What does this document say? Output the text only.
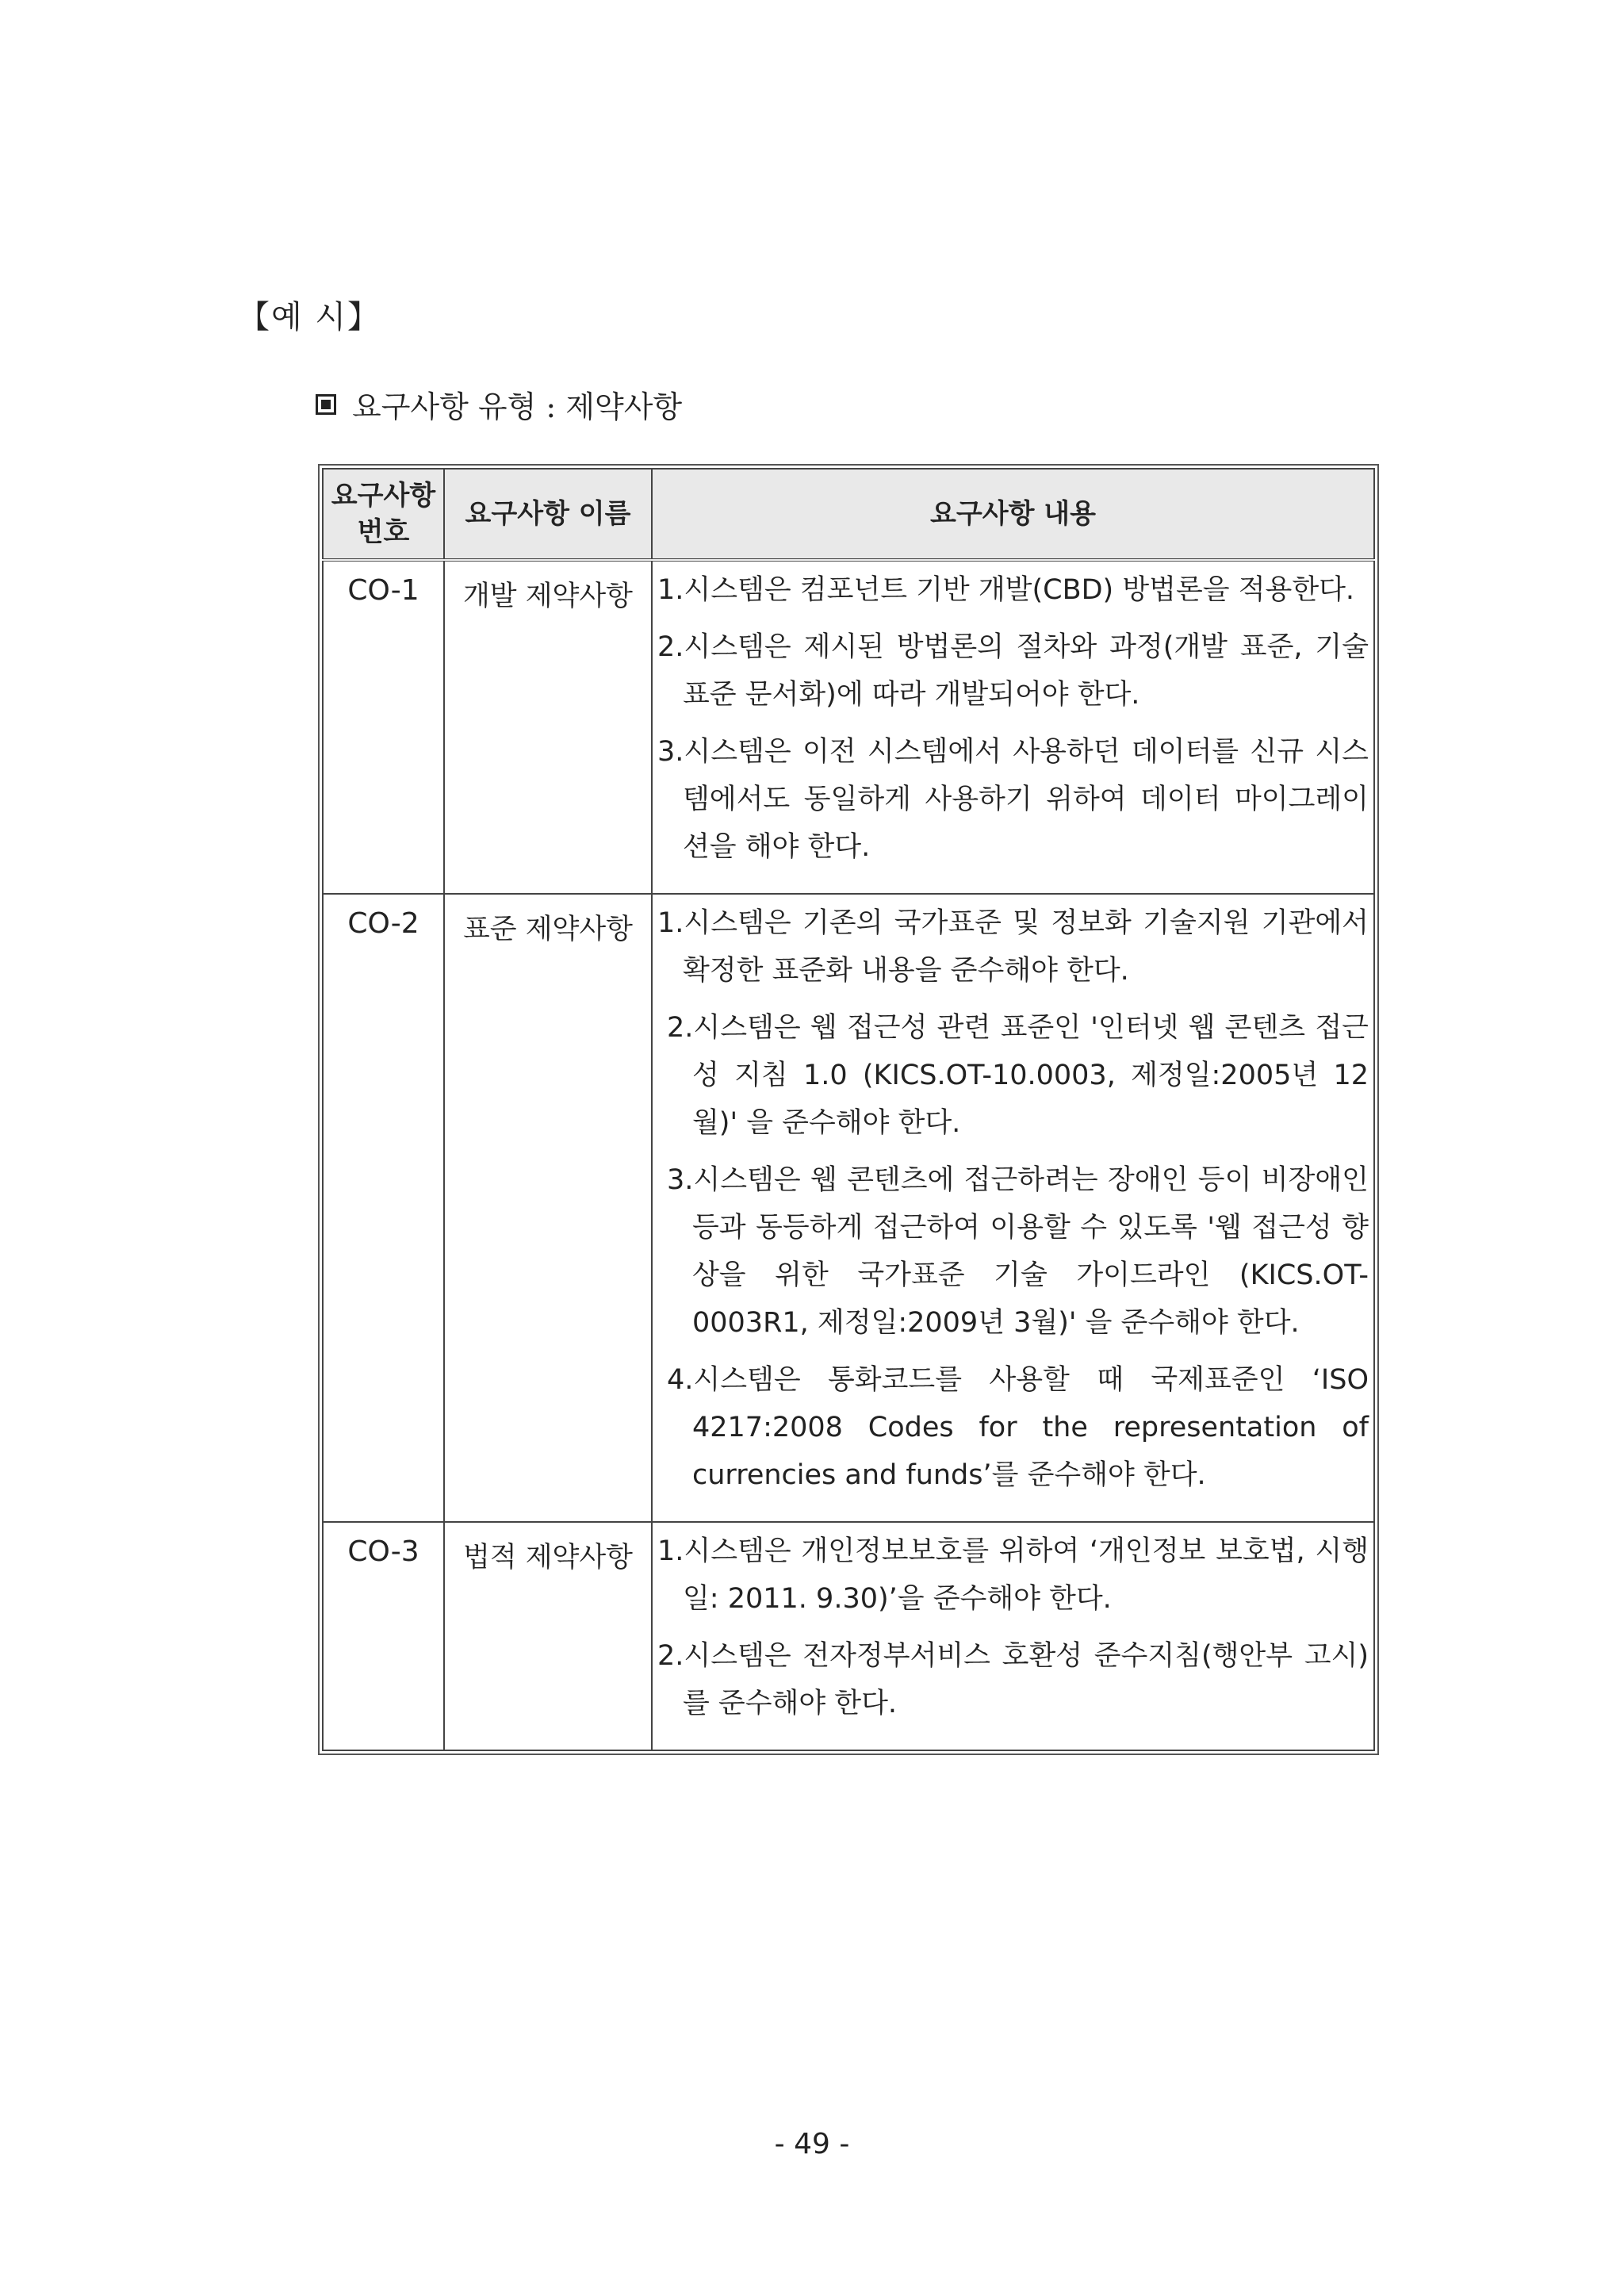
【예 시】
요구사항 유형 : 제약사항
요구사항 번호	요구사항 이름	요구사항 내용
CO-1	개발 제약사항	1.시스템은 컴포넌트 기반 개발(CBD) 방법론을 적용한다.
2.시스템은 제시된 방법론의 절차와 과정(개발 표준, 기술표준 문서화)에 따라 개발되어야 한다.
3.시스템은 이전 시스템에서 사용하던 데이터를 신규 시스템에서도 동일하게 사용하기 위하여 데이터 마이그레이션을 해야 한다.

CO-2	표준 제약사항	1.시스템은 기존의 국가표준 및 정보화 기술지원 기관에서 확정한 표준화 내용을 준수해야 한다.
2.시스템은 웹 접근성 관련 표준인 '인터넷 웹 콘텐츠 접근성 지침 1.0 (KICS.OT-10.0003, 제정일:2005년 12월)' 을 준수해야 한다.
3.시스템은 웹 콘텐츠에 접근하려는 장애인 등이 비장애인 등과 동등하게 접근하여 이용할 수 있도록 '웹 접근성 향상을 위한 국가표준 기술 가이드라인 (KICS.OT-0003R1, 제정일:2009년 3월)' 을 준수해야 한다.
4.시스템은 통화코드를 사용할 때 국제표준인 ‘ISO 4217:2008 Codes for the representation of currencies and funds’를 준수해야 한다.

CO-3	법적 제약사항	1.시스템은 개인정보보호를 위하여 ‘개인정보 보호법, 시행일: 2011. 9.30)’을 준수해야 한다.
2.시스템은 전자정부서비스 호환성 준수지침(행안부 고시)를 준수해야 한다.
- 49 -
